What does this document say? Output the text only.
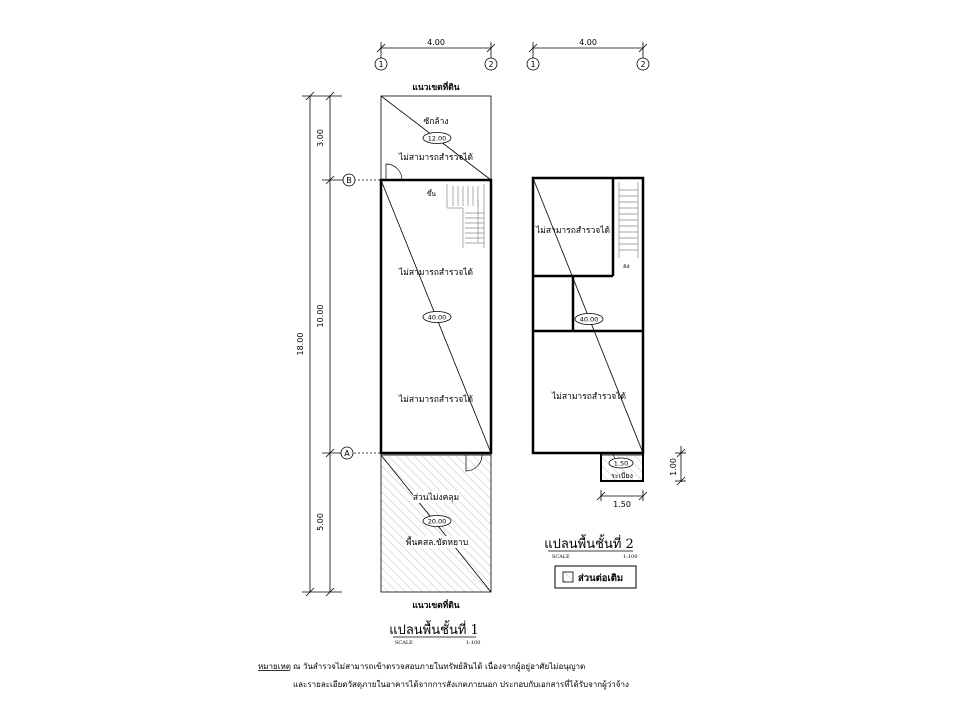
4.00
1	2
4.00
1	2
18.00
3.00
10.00
5.00
B
A
แนวเขตที่ดิน
ซักล้าง
12.00
ไม่สามารถสำรวจได้
ขึ้น
ไม่สามารถสำรวจได้
40.00
ไม่สามารถสำรวจได้
ส่วนไม่งคลุม
20.00
พื้นคสล.ขัดหยาบ
แนวเขตที่ดิน
แปลนพื้นชั้นที่ 1
SCALE	1:100
ไม่สามารถสำรวจได้
ลง
40.00
ไม่สามารถสำรวจได้
1.50
ระเบียง
1.00
1.50
แปลนพื้นชั้นที่ 2
SCALE	1:100
ส่วนต่อเติม
หมายเหตุ ณ วันสำรวจไม่สามารถเข้าตรวจสอบภายในทรัพย์สินได้ เนื่องจากผู้อยู่อาศัยไม่อนุญาต
และรายละเอียดวัสดุภายในอาคารได้จากการสังเกตภายนอก ประกอบกับเอกสารที่ได้รับจากผู้ว่าจ้าง
